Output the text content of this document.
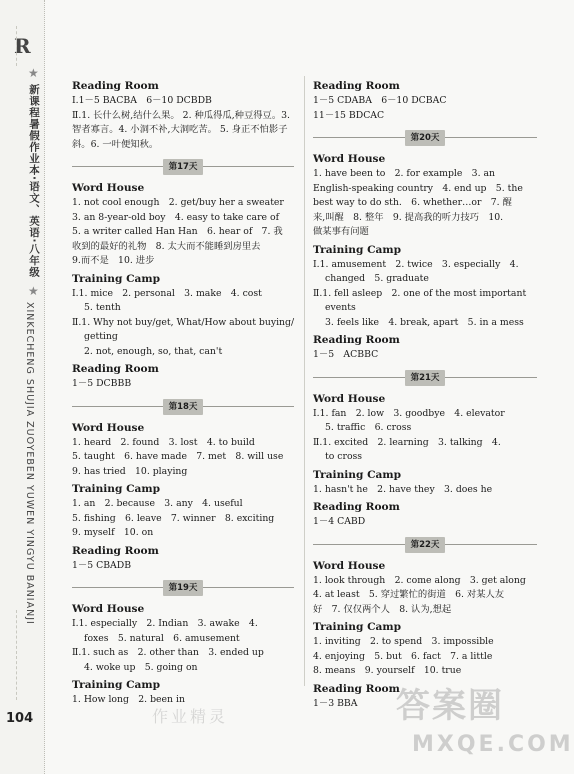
R
★
新课程暑假作业本·语文、英语·八年级
★
XINKECHENG SHUJIA ZUOYEBEN YUWEN YINGYU BANIANJI
104
Reading Room
Ⅰ.1－5 BACBA　6－10 DCBDB
Ⅱ.1. 长什么树,结什么果。 2. 种瓜得瓜,种豆得豆。3. 智者寡言。4. 小洞不补,大洞吃苦。 5. 身正不怕影子斜。6. 一叶便知秋。
第17天
Word House
1. not cool enough　2. get/buy her a sweater
3. an 8-year-old boy　4. easy to take care of
5. a writer called Han Han　6. hear of　7. 我
收到的最好的礼物　8. 太大而不能睡到房里去
9.而不是　10. 进步
Training Camp
Ⅰ.1. mice　2. personal　3. make　4. cost
5. tenth
Ⅱ.1. Why not buy/get, What/How about buying/
getting
2. not, enough, so, that, can't
Reading Room
1－5 DCBBB
第18天
Word House
1. heard　2. found　3. lost　4. to build
5. taught　6. have made　7. met　8. will use
9. has tried　10. playing
Training Camp
1. an　2. because　3. any　4. useful
5. fishing　6. leave　7. winner　8. exciting
9. myself　10. on
Reading Room
1－5 CBADB
第19天
Word House
Ⅰ.1. especially　2. Indian　3. awake　4.
foxes　5. natural　6. amusement
Ⅱ.1. such as　2. other than　3. ended up
4. woke up　5. going on
Training Camp
1. How long　2. been in
Reading Room
1－5 CDABA　6－10 DCBAC
11－15 BDCAC
第20天
Word House
1. have been to　2. for example　3. an
English-speaking country　4. end up　5. the
best way to do sth.　6. whether…or　7. 醒
来,叫醒　8. 整年　9. 提高我的听力技巧　10.
做某事有问题
Training Camp
Ⅰ.1. amusement　2. twice　3. especially　4.
changed　5. graduate
Ⅱ.1. fell asleep　2. one of the most important
events
3. feels like　4. break, apart　5. in a mess
Reading Room
1－5　ACBBC
第21天
Word House
Ⅰ.1. fan　2. low　3. goodbye　4. elevator
5. traffic　6. cross
Ⅱ.1. excited　2. learning　3. talking　4.
to cross
Training Camp
1. hasn't he　2. have they　3. does he
Reading Room
1－4 CABD
第22天
Word House
1. look through　2. come along　3. get along
4. at least　5. 穿过繁忙的街道　6. 对某人友
好　7. 仅仅两个人　8. 认为,想起
Training Camp
1. inviting　2. to spend　3. impossible
4. enjoying　5. but　6. fact　7. a little
8. means　9. yourself　10. true
Reading Room
1－3 BBA
作业精灵	答案圈
MXQE.COM
